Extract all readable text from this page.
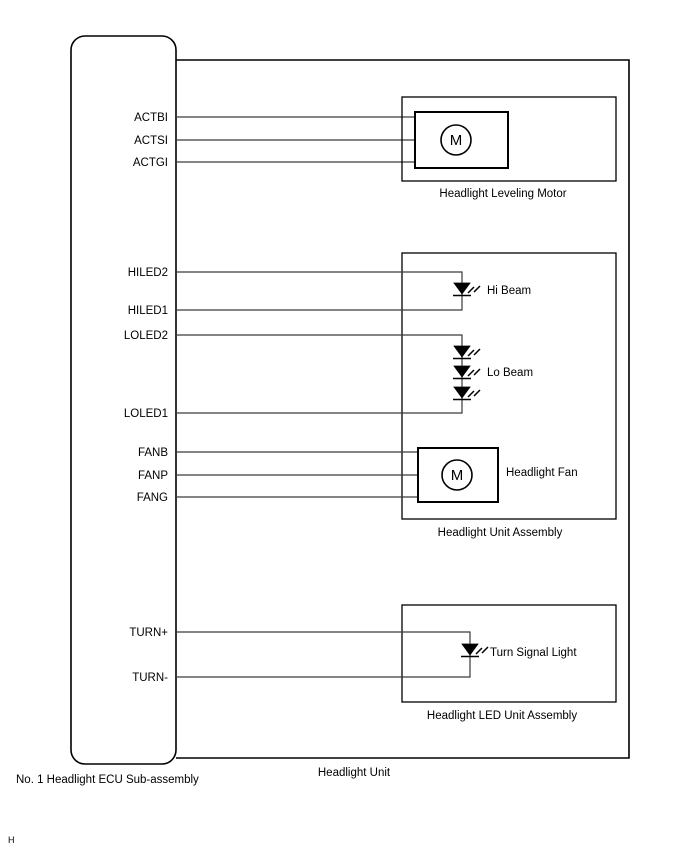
M
Headlight Leveling Motor
Headlight Unit Assembly
Hi Beam
Lo Beam
M	Headlight Fan
Headlight LED Unit Assembly
Turn Signal Light
ACTBI
ACTSI
ACTGI
HILED2
HILED1
LOLED2
LOLED1
FANB
FANP
FANG
TURN+
TURN-
No. 1 Headlight ECU Sub-assembly
Headlight Unit
H
